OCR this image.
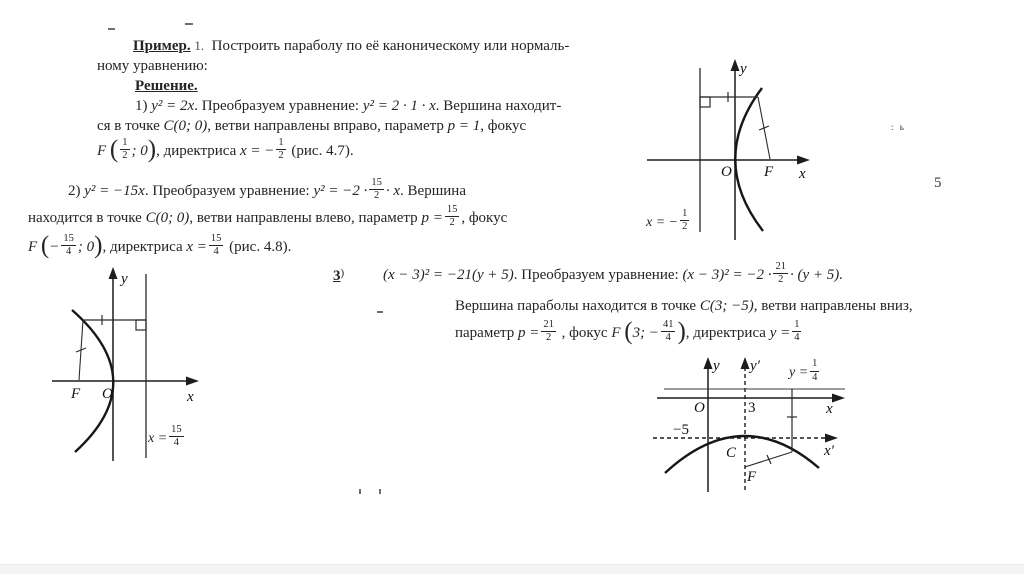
: ь
5
Пример. 1. Построить параболу по её каноническому или нормаль-
ному уравнению:
Решение.
1) y² = 2x. Преобразуем уравнение: y² = 2 · 1 · x. Вершина находит-
ся в точке C(0; 0), ветви направлены вправо, параметр p = 1, фокус
F ( $\frac{1}{2}$ ; 0), директриса x = − $\frac{1}{2} (рис$. 4.7).
2) y² = −15x. Преобразуем уравнение: $y^2 = -2 \cdot \frac{15}{2} \cdot x$. Вершина
находится в точке C(0; 0), ветви направлены влево, параметр $p = \frac{15}{2}$ , фокус
F (− $\frac{15}{4}$ ; 0), директриса $x = \frac{15}{4} (рис$. 4.8).
3)	(x − 3)² = −21(y + 5). Преобразуем уравнение: $(x - 3)^2 = -2 \cdot \frac{21}{2} \cdot (y + 5)$.
Вершина параболы находится в точке C(3; −5), ветви направлены вниз,
параметр $p = \frac{21}{2}$ , фокус F (3; − $\frac{41}{4}$ ), директриса $y = \frac{1}{4}$
y
x
O F
x = − $\frac{1}{2}$
y
x
O
F
$x = \frac{15}{4}$
y y′
x
x′
O	3
−5
C
F
$y = \frac{1}{4}$
